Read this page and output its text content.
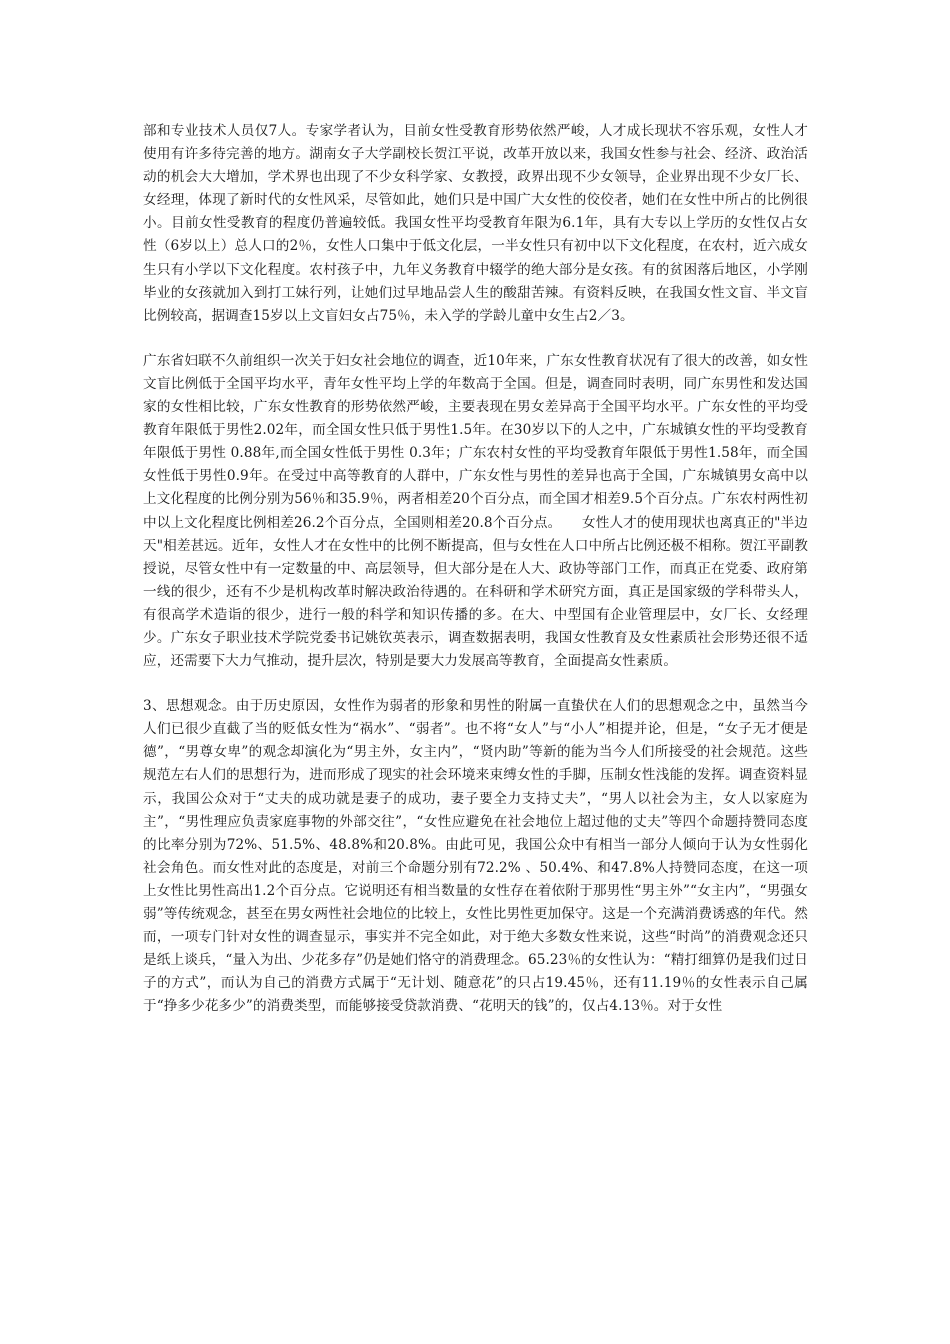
部和专业技术人员仅7人。专家学者认为，目前女性受教育形势依然严峻，人才成长现状不容乐观，女性人才使用有许多待完善的地方。湖南女子大学副校长贺江平说，改革开放以来，我国女性参与社会、经济、政治活动的机会大大增加，学术界也出现了不少女科学家、女教授，政界出现不少女领导，企业界出现不少女厂长、女经理，体现了新时代的女性风采，尽管如此，她们只是中国广大女性的佼佼者，她们在女性中所占的比例很小。目前女性受教育的程度仍普遍较低。我国女性平均受教育年限为6.1年，具有大专以上学历的女性仅占女性（6岁以上）总人口的2％，女性人口集中于低文化层，一半女性只有初中以下文化程度，在农村，近六成女生只有小学以下文化程度。农村孩子中，九年义务教育中辍学的绝大部分是女孩。有的贫困落后地区，小学刚毕业的女孩就加入到打工妹行列，让她们过早地品尝人生的酸甜苦辣。有资料反映，在我国女性文盲、半文盲比例较高，据调查15岁以上文盲妇女占75％，未入学的学龄儿童中女生占2／3。

广东省妇联不久前组织一次关于妇女社会地位的调查，近10年来，广东女性教育状况有了很大的改善，如女性文盲比例低于全国平均水平，青年女性平均上学的年数高于全国。但是，调查同时表明，同广东男性和发达国家的女性相比较，广东女性教育的形势依然严峻，主要表现在男女差异高于全国平均水平。广东女性的平均受教育年限低于男性2.02年，而全国女性只低于男性1.5年。在30岁以下的人之中，广东城镇女性的平均受教育年限低于男性 0.88年,而全国女性低于男性 0.3年；广东农村女性的平均受教育年限低于男性1.58年，而全国女性低于男性0.9年。在受过中高等教育的人群中，广东女性与男性的差异也高于全国，广东城镇男女高中以上文化程度的比例分别为56％和35.9％，两者相差20个百分点，而全国才相差9.5个百分点。广东农村两性初中以上文化程度比例相差26.2个百分点，全国则相差20.8个百分点。　　女性人才的使用现状也离真正的"半边天"相差甚远。近年，女性人才在女性中的比例不断提高，但与女性在人口中所占比例还极不相称。贺江平副教授说，尽管女性中有一定数量的中、高层领导，但大部分是在人大、政协等部门工作，而真正在党委、政府第一线的很少，还有不少是机构改革时解决政治待遇的。在科研和学术研究方面，真正是国家级的学科带头人，有很高学术造诣的很少，进行一般的科学和知识传播的多。在大、中型国有企业管理层中，女厂长、女经理少。广东女子职业技术学院党委书记姚钦英表示，调查数据表明，我国女性教育及女性素质社会形势还很不适应，还需要下大力气推动，提升层次，特别是要大力发展高等教育，全面提高女性素质。

3、思想观念。由于历史原因，女性作为弱者的形象和男性的附属一直蛰伏在人们的思想观念之中，虽然当今人们已很少直截了当的贬低女性为“祸水”、“弱者”。也不将“女人”与“小人”相提并论，但是，“女子无才便是德”，“男尊女卑”的观念却演化为“男主外，女主内”，“贤内助”等新的能为当今人们所接受的社会规范。这些规范左右人们的思想行为，进而形成了现实的社会环境来束缚女性的手脚，压制女性浅能的发挥。调查资料显示，我国公众对于“丈夫的成功就是妻子的成功，妻子要全力支持丈夫”，“男人以社会为主，女人以家庭为主”，“男性理应负责家庭事物的外部交往”，“女性应避免在社会地位上超过他的丈夫”等四个命题持赞同态度的比率分别为72%、51.5%、48.8%和20.8%。由此可见，我国公众中有相当一部分人倾向于认为女性弱化社会角色。而女性对此的态度是，对前三个命题分别有72.2% 、50.4%、和47.8%人持赞同态度，在这一项上女性比男性高出1.2个百分点。它说明还有相当数量的女性存在着依附于那男性“男主外”“女主内”，“男强女弱”等传统观念，甚至在男女两性社会地位的比较上，女性比男性更加保守。这是一个充满消费诱惑的年代。然而，一项专门针对女性的调查显示，事实并不完全如此，对于绝大多数女性来说，这些“时尚”的消费观念还只是纸上谈兵，“量入为出、少花多存”仍是她们恪守的消费理念。65.23％的女性认为：“精打细算仍是我们过日子的方式”，而认为自己的消费方式属于“无计划、随意花”的只占19.45％，还有11.19％的女性表示自己属于“挣多少花多少”的消费类型，而能够接受贷款消费、“花明天的钱”的，仅占4.13％。对于女性
